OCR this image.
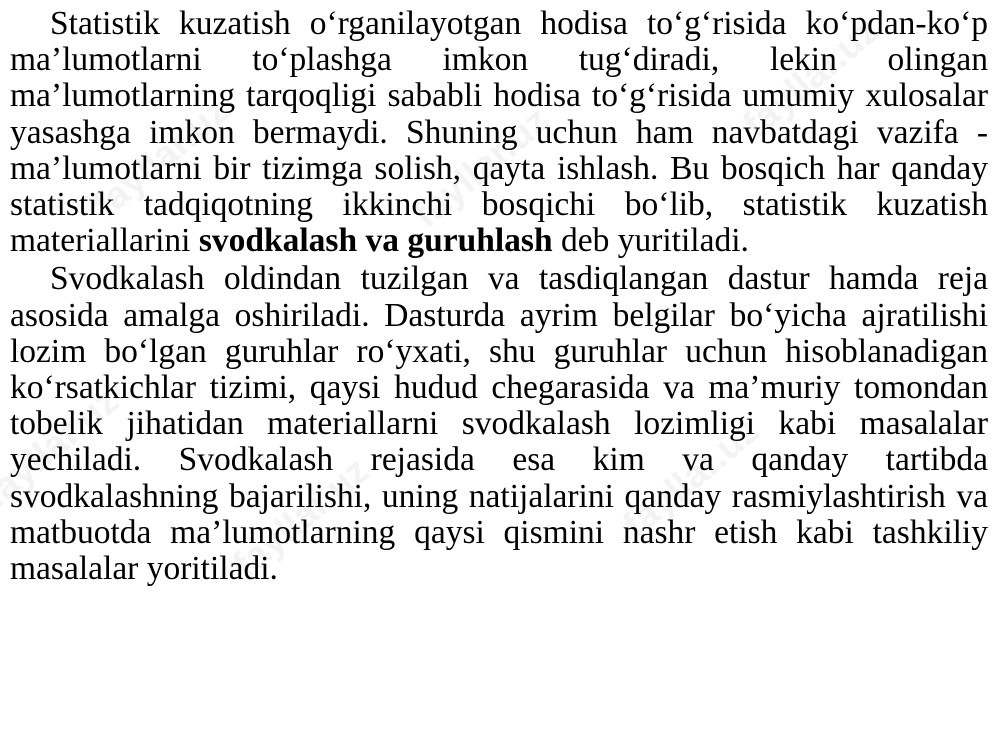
Statistik kuzatish o‘rganilayotgan hodisa to‘g‘risida ko‘pdan-ko‘p ma’lumotlarni to‘plashga imkon tug‘diradi, lekin olingan ma’lumotlarning tarqoqligi sababli hodisa to‘g‘risida umumiy xulosalar yasashga imkon bermaydi. Shuning uchun ham navbatdagi vazifa - ma’lumotlarni bir tizimga solish, qayta ishlash. Bu bosqich har qanday statistik tadqiqotning ikkinchi bosqichi bo‘lib, statistik kuzatish materiallarini svodkalash va guruhlash deb yuritiladi.

Svodkalash oldindan tuzilgan va tasdiqlangan dastur hamda reja asosida amalga oshiriladi. Dasturda ayrim belgilar bo‘yicha ajratilishi lozim bo‘lgan guruhlar ro‘yxati, shu guruhlar uchun hisoblanadigan ko‘rsatkichlar tizimi, qaysi hudud chegarasida va ma’muriy tomondan tobelik jihatidan materiallarni svodkalash lozimligi kabi masalalar yechiladi. Svodkalash rejasida esa kim va qanday tartibda svodkalashning bajarilishi, uning natijalarini qanday rasmiylashtirish va matbuotda ma’lumotlarning qaysi qismini nashr etish kabi tashkiliy masalalar yoritiladi.
